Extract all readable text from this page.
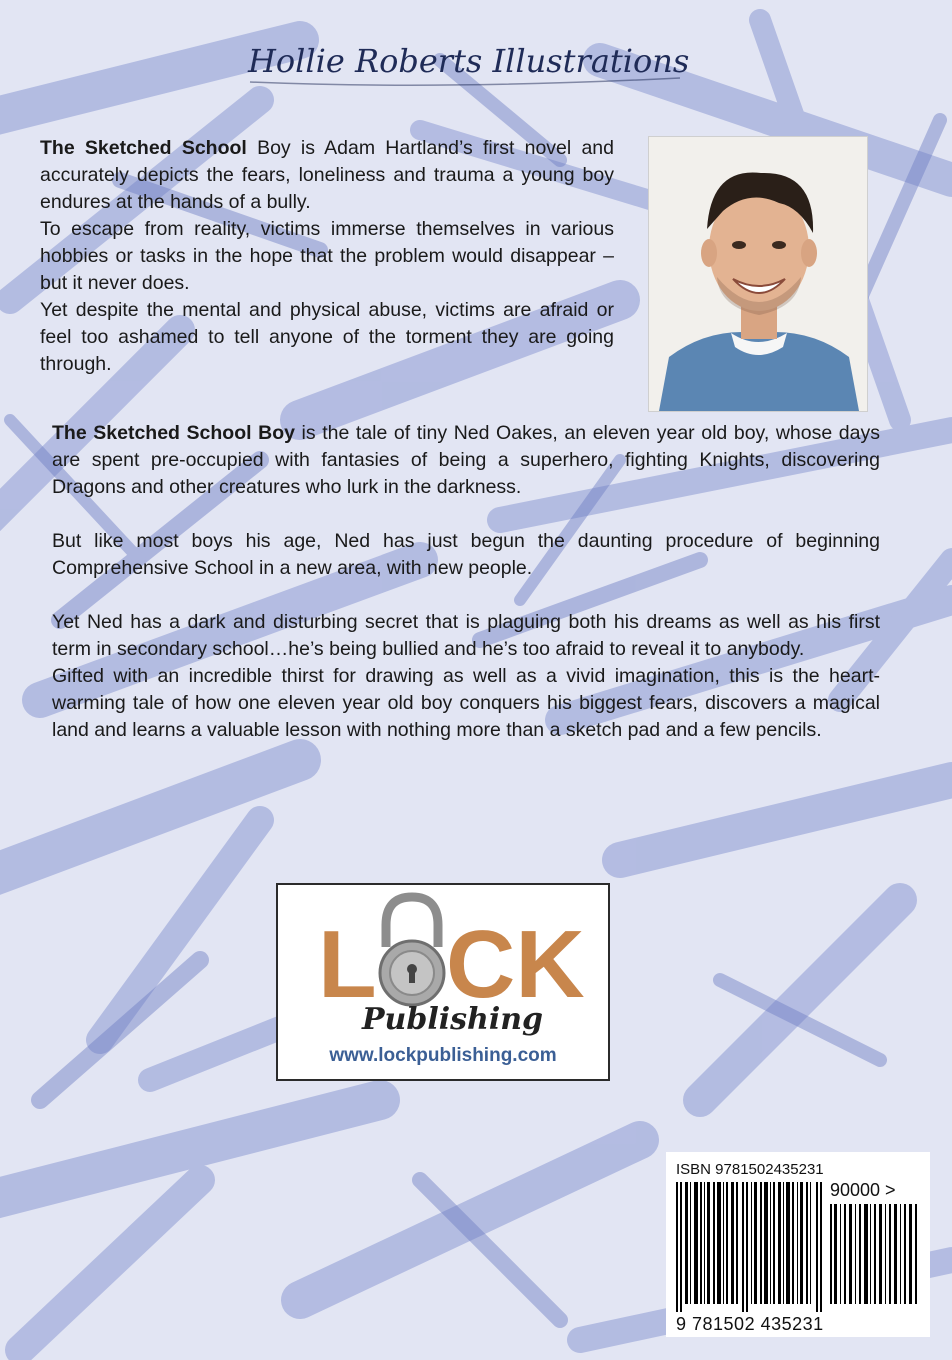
Hollie Roberts Illustrations

The Sketched School Boy is Adam Hartland’s first novel and accurately depicts the fears, loneliness and trauma a young boy endures at the hands of a bully.

To escape from reality, victims immerse themselves in various hobbies or tasks in the hope that the problem would disappear – but it never does.

Yet despite the mental and physical abuse, victims are afraid or feel too ashamed to tell anyone of the torment they are going through.

The Sketched School Boy is the tale of tiny Ned Oakes, an eleven year old boy, whose days are spent pre-occupied with fantasies of being a superhero, fighting Knights, discovering Dragons and other creatures who lurk in the darkness.

But like most boys his age, Ned has just begun the daunting procedure of beginning Comprehensive School in a new area, with new people.

Yet Ned has a dark and disturbing secret that is plaguing both his dreams as well as his first term in secondary school…he’s being bullied and he’s too afraid to reveal it to anybody.

Gifted with an incredible thirst for drawing as well as a vivid imagination, this is the heart-warming tale of how one eleven year old boy conquers his biggest fears, discovers a magical land and learns a valuable lesson with nothing more than a sketch pad and a few pencils.

L CK
Publishing
www.lockpublishing.com
ISBN 9781502435231
90000 >
9 781502 435231
